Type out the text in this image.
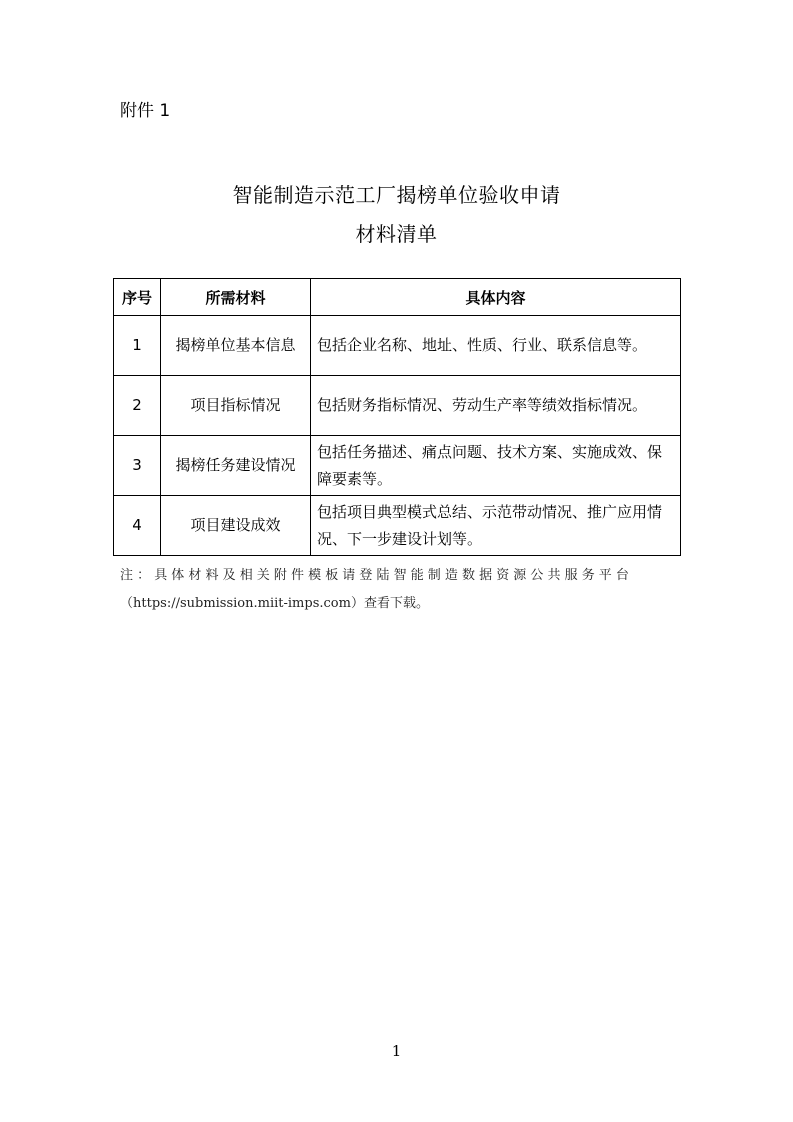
附件 1
智能制造示范工厂揭榜单位验收申请
材料清单
序号	所需材料	具体内容
1	揭榜单位基本信息	包括企业名称、地址、性质、行业、联系信息等。
2	项目指标情况	包括财务指标情况、劳动生产率等绩效指标情况。
3	揭榜任务建设情况	包括任务描述、痛点问题、技术方案、实施成效、保障要素等。
4	项目建设成效	包括项目典型模式总结、示范带动情况、推广应用情况、下一步建设计划等。
注：具体材料及相关附件模板请登陆智能制造数据资源公共服务平台
（https://submission.miit-imps.com）查看下载。
1
